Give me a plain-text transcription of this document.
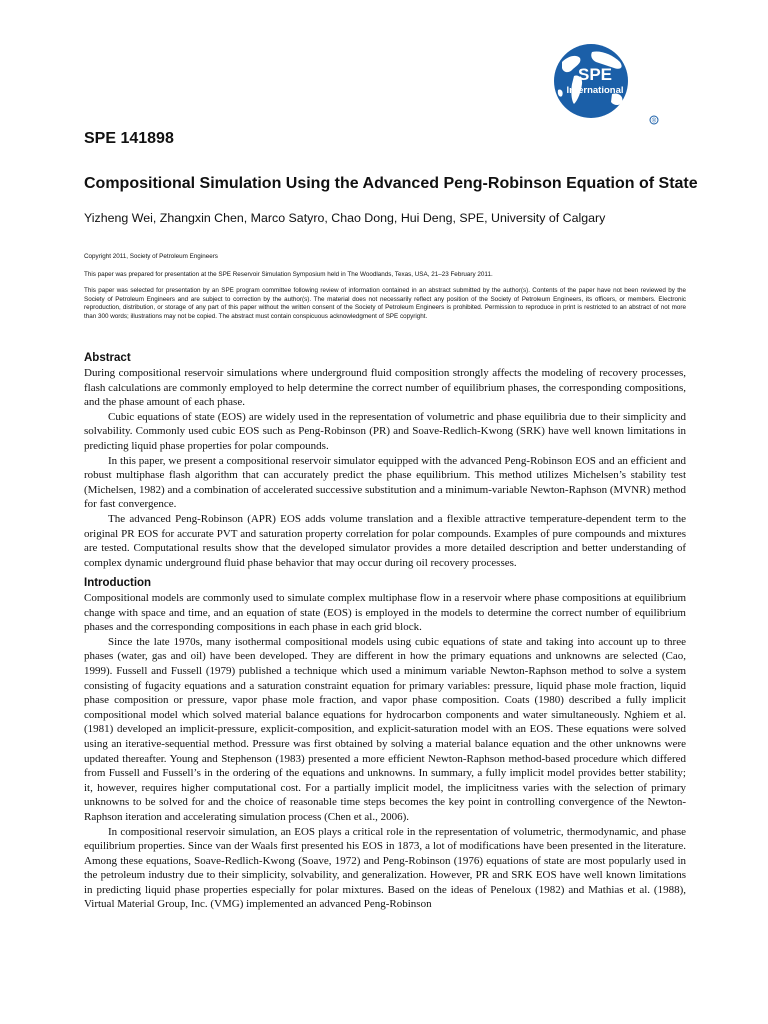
SPE
International
®
SPE 141898
Compositional Simulation Using the Advanced Peng-Robinson Equation of State

Yizheng Wei, Zhangxin Chen, Marco Satyro, Chao Dong, Hui Deng, SPE, University of Calgary

Copyright 2011, Society of Petroleum Engineers

This paper was prepared for presentation at the SPE Reservoir Simulation Symposium held in The Woodlands, Texas, USA, 21–23 February 2011.

This paper was selected for presentation by an SPE program committee following review of information contained in an abstract submitted by the author(s). Contents of the paper have not been reviewed by the Society of Petroleum Engineers and are subject to correction by the author(s). The material does not necessarily reflect any position of the Society of Petroleum Engineers, its officers, or members. Electronic reproduction, distribution, or storage of any part of this paper without the written consent of the Society of Petroleum Engineers is prohibited. Permission to reproduce in print is restricted to an abstract of not more than 300 words; illustrations may not be copied. The abstract must contain conspicuous acknowledgment of SPE copyright.

Abstract

During compositional reservoir simulations where underground fluid composition strongly affects the modeling of recovery processes, flash calculations are commonly employed to help determine the correct number of equilibrium phases, the corresponding compositions, and the phase amount of each phase.

Cubic equations of state (EOS) are widely used in the representation of volumetric and phase equilibria due to their simplicity and solvability. Commonly used cubic EOS such as Peng-Robinson (PR) and Soave-Redlich-Kwong (SRK) have well known limitations in predicting liquid phase properties for polar compounds.

In this paper, we present a compositional reservoir simulator equipped with the advanced Peng-Robinson EOS and an efficient and robust multiphase flash algorithm that can accurately predict the phase equilibrium. This method utilizes Michelsen’s stability test (Michelsen, 1982) and a combination of accelerated successive substitution and a minimum-variable Newton-Raphson (MVNR) method for fast convergence.

The advanced Peng-Robinson (APR) EOS adds volume translation and a flexible attractive temperature-dependent term to the original PR EOS for accurate PVT and saturation property correlation for polar compounds. Examples of pure compounds and mixtures are tested. Computational results show that the developed simulator provides a more detailed description and better understanding of complex dynamic underground fluid phase behavior that may occur during oil recovery processes.

Introduction

Compositional models are commonly used to simulate complex multiphase flow in a reservoir where phase compositions at equilibrium change with space and time, and an equation of state (EOS) is employed in the models to determine the correct number of equilibrium phases and the corresponding compositions in each phase in each grid block.

Since the late 1970s, many isothermal compositional models using cubic equations of state and taking into account up to three phases (water, gas and oil) have been developed. They are different in how the primary equations and unknowns are selected (Cao, 1999). Fussell and Fussell (1979) published a technique which used a minimum variable Newton-Raphson method to solve a system consisting of fugacity equations and a saturation constraint equation for primary variables: pressure, liquid phase mole fraction, liquid phase composition or pressure, vapor phase mole fraction, and vapor phase composition. Coats (1980) described a fully implicit compositional model which solved material balance equations for hydrocarbon components and water simultaneously. Nghiem et al. (1981) developed an implicit-pressure, explicit-composition, and explicit-saturation model with an EOS. These equations were solved using an iterative-sequential method. Pressure was first obtained by solving a material balance equation and the other unknowns were updated thereafter. Young and Stephenson (1983) presented a more efficient Newton-Raphson method-based procedure which differed from Fussell and Fussell’s in the ordering of the equations and unknowns. In summary, a fully implicit model provides better stability; it, however, requires higher computational cost. For a partially implicit model, the implicitness varies with the selection of primary unknowns to be solved for and the choice of reasonable time steps becomes the key point in controlling convergence of the Newton-Raphson iteration and accelerating simulation process (Chen et al., 2006).

In compositional reservoir simulation, an EOS plays a critical role in the representation of volumetric, thermodynamic, and phase equilibrium properties. Since van der Waals first presented his EOS in 1873, a lot of modifications have been presented in the literature. Among these equations, Soave-Redlich-Kwong (Soave, 1972) and Peng-Robinson (1976) equations of state are most popularly used in the petroleum industry due to their simplicity, solvability, and generalization. However, PR and SRK EOS have well known limitations in predicting liquid phase properties especially for polar mixtures. Based on the ideas of Peneloux (1982) and Mathias et al. (1988), Virtual Material Group, Inc. (VMG) implemented an advanced Peng-Robinson
